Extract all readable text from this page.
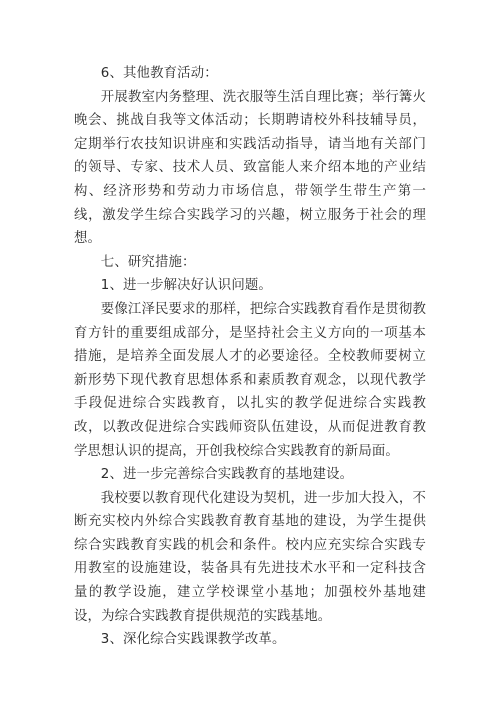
6、其他教育活动：

开展教室内务整理、洗衣服等生活自理比赛；举行篝火晚会、挑战自我等文体活动；长期聘请校外科技辅导员，定期举行农技知识讲座和实践活动指导，请当地有关部门的领导、专家、技术人员、致富能人来介绍本地的产业结构、经济形势和劳动力市场信息，带领学生带生产第一线，激发学生综合实践学习的兴趣，树立服务于社会的理想。

七、研究措施：

1、进一步解决好认识问题。

要像江泽民要求的那样，把综合实践教育看作是贯彻教育方针的重要组成部分，是坚持社会主义方向的一项基本措施，是培养全面发展人才的必要途径。全校教师要树立新形势下现代教育思想体系和素质教育观念，以现代教学手段促进综合实践教育，以扎实的教学促进综合实践教改，以教改促进综合实践师资队伍建设，从而促进教育教学思想认识的提高，开创我校综合实践教育的新局面。

2、进一步完善综合实践教育的基地建设。

我校要以教育现代化建设为契机，进一步加大投入，不断充实校内外综合实践教育教育基地的建设，为学生提供综合实践教育实践的机会和条件。校内应充实综合实践专用教室的设施建设，装备具有先进技术水平和一定科技含量的教学设施，建立学校课堂小基地；加强校外基地建设，为综合实践教育提供规范的实践基地。

3、深化综合实践课教学改革。
